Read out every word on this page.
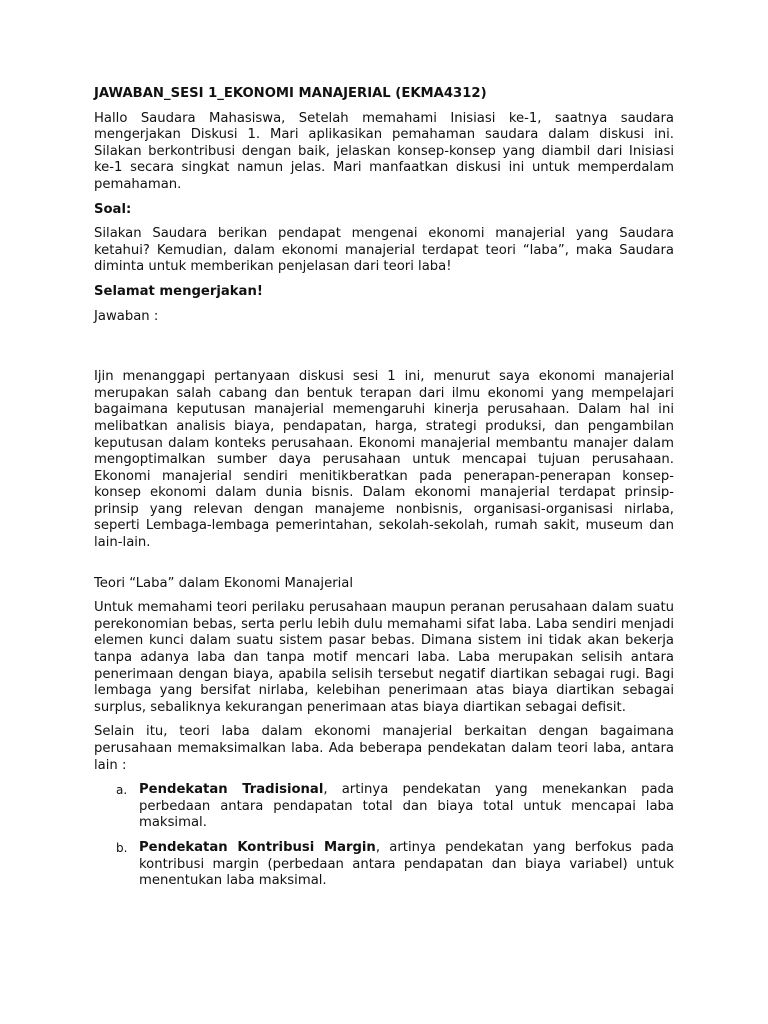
JAWABAN_SESI 1_EKONOMI MANAJERIAL (EKMA4312)

Hallo Saudara Mahasiswa, Setelah memahami Inisiasi ke-1, saatnya saudara mengerjakan Diskusi 1. Mari aplikasikan pemahaman saudara dalam diskusi ini. Silakan berkontribusi dengan baik, jelaskan konsep-konsep yang diambil dari Inisiasi ke-1 secara singkat namun jelas. Mari manfaatkan diskusi ini untuk memperdalam pemahaman.

Soal:

Silakan Saudara berikan pendapat mengenai ekonomi manajerial yang Saudara ketahui? Kemudian, dalam ekonomi manajerial terdapat teori “laba”, maka Saudara diminta untuk memberikan penjelasan dari teori laba!

Selamat mengerjakan!

Jawaban :

Ijin menanggapi pertanyaan diskusi sesi 1 ini, menurut saya ekonomi manajerial merupakan salah cabang dan bentuk terapan dari ilmu ekonomi yang mempelajari bagaimana keputusan manajerial memengaruhi kinerja perusahaan. Dalam hal ini melibatkan analisis biaya, pendapatan, harga, strategi produksi, dan pengambilan keputusan dalam konteks perusahaan. Ekonomi manajerial membantu manajer dalam mengoptimalkan sumber daya perusahaan untuk mencapai tujuan perusahaan. Ekonomi manajerial sendiri menitikberatkan pada penerapan-penerapan konsep-konsep ekonomi dalam dunia bisnis. Dalam ekonomi manajerial terdapat prinsip-prinsip yang relevan dengan manajeme nonbisnis, organisasi-organisasi nirlaba, seperti Lembaga-lembaga pemerintahan, sekolah-sekolah, rumah sakit, museum dan lain-lain.

Teori “Laba” dalam Ekonomi Manajerial

Untuk memahami teori perilaku perusahaan maupun peranan perusahaan dalam suatu perekonomian bebas, serta perlu lebih dulu memahami sifat laba. Laba sendiri menjadi elemen kunci dalam suatu sistem pasar bebas. Dimana sistem ini tidak akan bekerja tanpa adanya laba dan tanpa motif mencari laba. Laba merupakan selisih antara penerimaan dengan biaya, apabila selisih tersebut negatif diartikan sebagai rugi. Bagi lembaga yang bersifat nirlaba, kelebihan penerimaan atas biaya diartikan sebagai surplus, sebaliknya kekurangan penerimaan atas biaya diartikan sebagai defisit.

Selain itu, teori laba dalam ekonomi manajerial berkaitan dengan bagaimana perusahaan memaksimalkan laba. Ada beberapa pendekatan dalam teori laba, antara lain :

a. Pendekatan Tradisional, artinya pendekatan yang menekankan pada perbedaan antara pendapatan total dan biaya total untuk mencapai laba maksimal.
b. Pendekatan Kontribusi Margin, artinya pendekatan yang berfokus pada kontribusi margin (perbedaan antara pendapatan dan biaya variabel) untuk menentukan laba maksimal.
